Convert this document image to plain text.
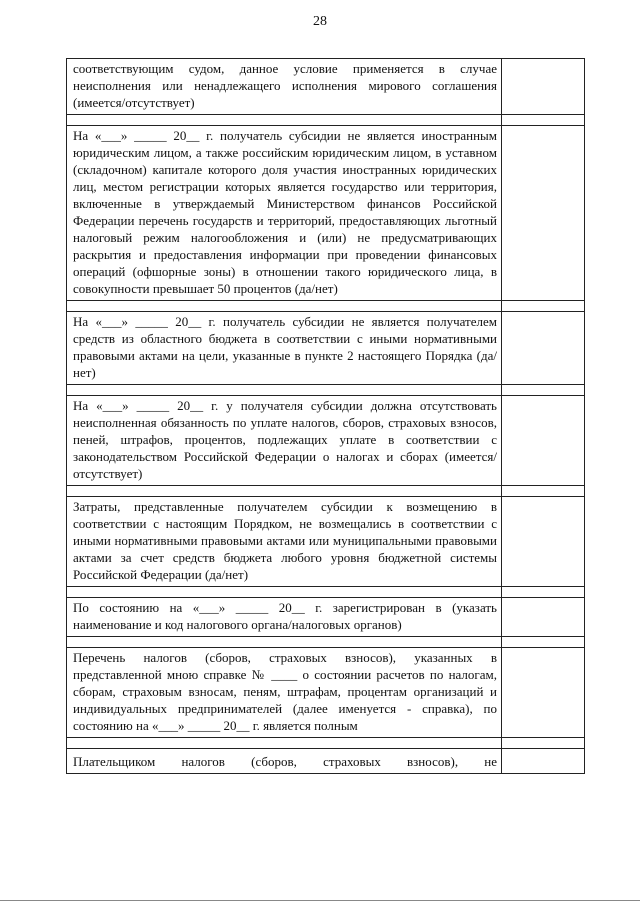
28
соответствующим судом, данное условие применяется в случае неисполнения или ненадлежащего исполнения мирового соглашения (имеется/отсутствует)	

На «___» _____ 20__ г. получатель субсидии не является иностранным юридическим лицом, а также российским юридическим лицом, в уставном (складочном) капитале которого доля участия иностранных юридических лиц, местом регистрации которых является государство или территория, включенные в утверждаемый Министерством финансов Российской Федерации перечень государств и территорий, предоставляющих льготный налоговый режим налогообложения и (или) не предусматривающих раскрытия и предоставления информации при проведении финансовых операций (офшорные зоны) в отношении такого юридического лица, в совокупности превышает 50 процентов (да/нет)	

На «___» _____ 20__ г. получатель субсидии не является получателем средств из областного бюджета в соответствии с иными нормативными правовыми актами на цели, указанные в пункте 2 настоящего Порядка (да/нет)	

На «___» _____ 20__ г. у получателя субсидии должна отсутствовать неисполненная обязанность по уплате налогов, сборов, страховых взносов, пеней, штрафов, процентов, подлежащих уплате в соответствии с законодательством Российской Федерации о налогах и сборах (имеется/отсутствует)	

Затраты, представленные получателем субсидии к возмещению в соответствии с настоящим Порядком, не возмещались в соответствии с иными нормативными правовыми актами или муниципальными правовыми актами за счет средств бюджета любого уровня бюджетной системы Российской Федерации (да/нет)	

По состоянию на «___» _____ 20__ г. зарегистрирован в (указать наименование и код налогового органа/налоговых органов)	

Перечень налогов (сборов, страховых взносов), указанных в представленной мною справке № ____ о состоянии расчетов по налогам, сборам, страховым взносам, пеням, штрафам, процентам организаций и индивидуальных предпринимателей (далее именуется - справка), по состоянию на «___» _____ 20__ г. является полным	

Плательщиком налогов (сборов, страховых взносов), не	
